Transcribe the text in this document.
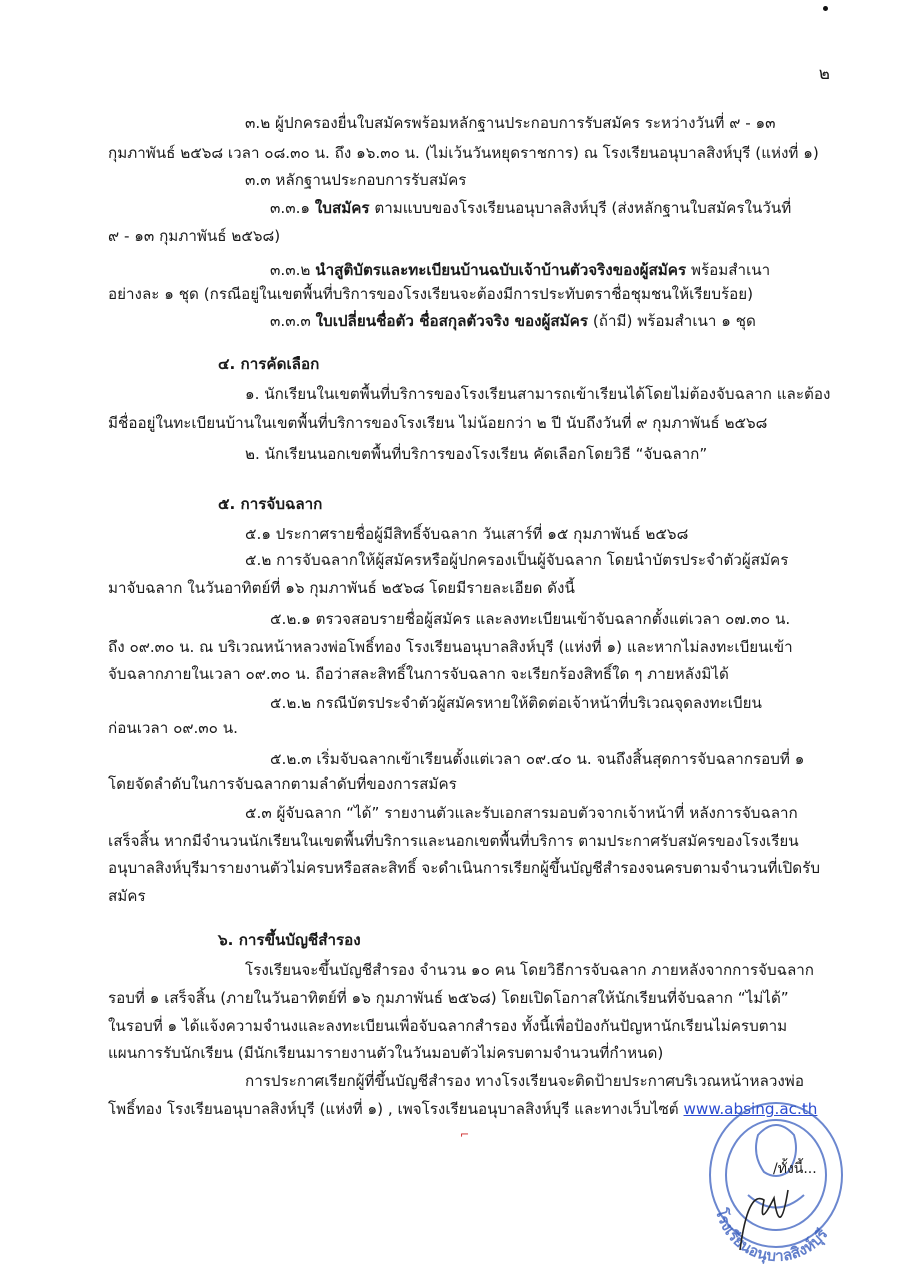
๒
๓.๒ ผู้ปกครองยื่นใบสมัครพร้อมหลักฐานประกอบการรับสมัคร ระหว่างวันที่ ๙ - ๑๓
กุมภาพันธ์ ๒๕๖๘ เวลา ๐๘.๓๐ น. ถึง ๑๖.๓๐ น. (ไม่เว้นวันหยุดราชการ) ณ โรงเรียนอนุบาลสิงห์บุรี (แห่งที่ ๑)
๓.๓ หลักฐานประกอบการรับสมัคร
๓.๓.๑ ใบสมัคร ตามแบบของโรงเรียนอนุบาลสิงห์บุรี (ส่งหลักฐานใบสมัครในวันที่
๙ - ๑๓ กุมภาพันธ์ ๒๕๖๘)
๓.๓.๒ นำสูติบัตรและทะเบียนบ้านฉบับเจ้าบ้านตัวจริงของผู้สมัคร พร้อมสำเนา
อย่างละ ๑ ชุด (กรณีอยู่ในเขตพื้นที่บริการของโรงเรียนจะต้องมีการประทับตราชื่อชุมชนให้เรียบร้อย)
๓.๓.๓ ใบเปลี่ยนชื่อตัว ชื่อสกุลตัวจริง ของผู้สมัคร (ถ้ามี) พร้อมสำเนา ๑ ชุด
๔. การคัดเลือก
๑. นักเรียนในเขตพื้นที่บริการของโรงเรียนสามารถเข้าเรียนได้โดยไม่ต้องจับฉลาก และต้อง
มีชื่ออยู่ในทะเบียนบ้านในเขตพื้นที่บริการของโรงเรียน ไม่น้อยกว่า ๒ ปี นับถึงวันที่ ๙ กุมภาพันธ์ ๒๕๖๘
๒. นักเรียนนอกเขตพื้นที่บริการของโรงเรียน คัดเลือกโดยวิธี “จับฉลาก”
๕. การจับฉลาก
๕.๑ ประกาศรายชื่อผู้มีสิทธิ์จับฉลาก วันเสาร์ที่ ๑๕ กุมภาพันธ์ ๒๕๖๘
๕.๒ การจับฉลากให้ผู้สมัครหรือผู้ปกครองเป็นผู้จับฉลาก โดยนำบัตรประจำตัวผู้สมัคร
มาจับฉลาก ในวันอาทิตย์ที่ ๑๖ กุมภาพันธ์ ๒๕๖๘ โดยมีรายละเอียด ดังนี้
๕.๒.๑ ตรวจสอบรายชื่อผู้สมัคร และลงทะเบียนเข้าจับฉลากตั้งแต่เวลา ๐๗.๓๐ น.
ถึง ๐๙.๓๐ น. ณ บริเวณหน้าหลวงพ่อโพธิ์ทอง โรงเรียนอนุบาลสิงห์บุรี (แห่งที่ ๑) และหากไม่ลงทะเบียนเข้า
จับฉลากภายในเวลา ๐๙.๓๐ น. ถือว่าสละสิทธิ์ในการจับฉลาก จะเรียกร้องสิทธิ์ใด ๆ ภายหลังมิได้
๕.๒.๒ กรณีบัตรประจำตัวผู้สมัครหายให้ติดต่อเจ้าหน้าที่บริเวณจุดลงทะเบียน
ก่อนเวลา ๐๙.๓๐ น.
๕.๒.๓ เริ่มจับฉลากเข้าเรียนตั้งแต่เวลา ๐๙.๔๐ น. จนถึงสิ้นสุดการจับฉลากรอบที่ ๑
โดยจัดลำดับในการจับฉลากตามลำดับที่ของการสมัคร
๕.๓ ผู้จับฉลาก “ได้” รายงานตัวและรับเอกสารมอบตัวจากเจ้าหน้าที่ หลังการจับฉลาก
เสร็จสิ้น หากมีจำนวนนักเรียนในเขตพื้นที่บริการและนอกเขตพื้นที่บริการ ตามประกาศรับสมัครของโรงเรียน
อนุบาลสิงห์บุรีมารายงานตัวไม่ครบหรือสละสิทธิ์ จะดำเนินการเรียกผู้ขึ้นบัญชีสำรองจนครบตามจำนวนที่เปิดรับ
สมัคร
๖. การขึ้นบัญชีสำรอง
โรงเรียนจะขึ้นบัญชีสำรอง จำนวน ๑๐ คน โดยวิธีการจับฉลาก ภายหลังจากการจับฉลาก
รอบที่ ๑ เสร็จสิ้น (ภายในวันอาทิตย์ที่ ๑๖ กุมภาพันธ์ ๒๕๖๘) โดยเปิดโอกาสให้นักเรียนที่จับฉลาก “ไม่ได้”
ในรอบที่ ๑ ได้แจ้งความจำนงและลงทะเบียนเพื่อจับฉลากสำรอง ทั้งนี้เพื่อป้องกันปัญหานักเรียนไม่ครบตาม
แผนการรับนักเรียน (มีนักเรียนมารายงานตัวในวันมอบตัวไม่ครบตามจำนวนที่กำหนด)
การประกาศเรียกผู้ที่ขึ้นบัญชีสำรอง ทางโรงเรียนจะติดป้ายประกาศบริเวณหน้าหลวงพ่อ
โพธิ์ทอง โรงเรียนอนุบาลสิงห์บุรี (แห่งที่ ๑) , เพจโรงเรียนอนุบาลสิงห์บุรี และทางเว็บไซต์ www.absing.ac.th
⌐
โรงเรียนอนุบาลสิงห์บุรี
/ทั้งนี้...
